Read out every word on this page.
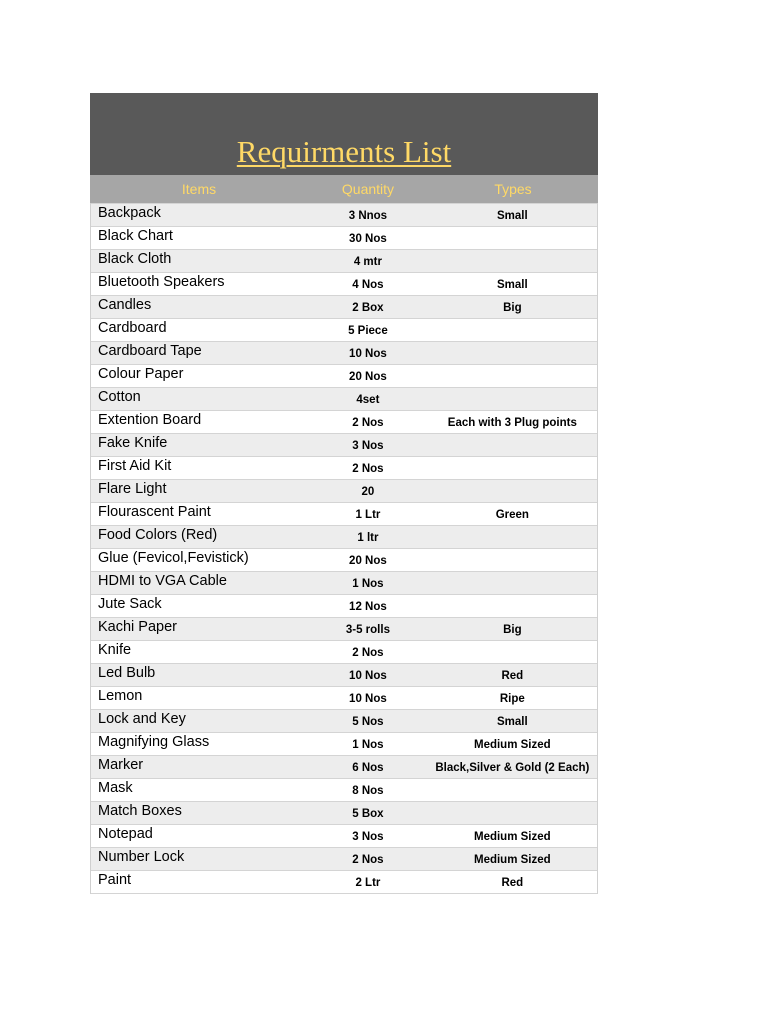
Requirments List
Items	Quantity	Types
Backpack	3 Nnos	Small
Black Chart	30 Nos
Black Cloth	4 mtr
Bluetooth Speakers	4 Nos	Small
Candles	2 Box	Big
Cardboard	5 Piece
Cardboard Tape	10 Nos
Colour Paper	20 Nos
Cotton	4set
Extention Board	2 Nos	Each with 3 Plug points
Fake Knife	3 Nos
First Aid Kit	2 Nos
Flare Light	20
Flourascent Paint	1 Ltr	Green
Food Colors (Red)	1 ltr
Glue (Fevicol,Fevistick)	20 Nos
HDMI to VGA Cable	1 Nos
Jute Sack	12 Nos
Kachi Paper	3-5 rolls	Big
Knife	2 Nos
Led Bulb	10 Nos	Red
Lemon	10 Nos	Ripe
Lock and Key	5 Nos	Small
Magnifying Glass	1 Nos	Medium Sized
Marker	6 Nos	Black,Silver & Gold (2 Each)
Mask	8 Nos
Match Boxes	5 Box
Notepad	3 Nos	Medium Sized
Number Lock	2 Nos	Medium Sized
Paint	2 Ltr	Red
